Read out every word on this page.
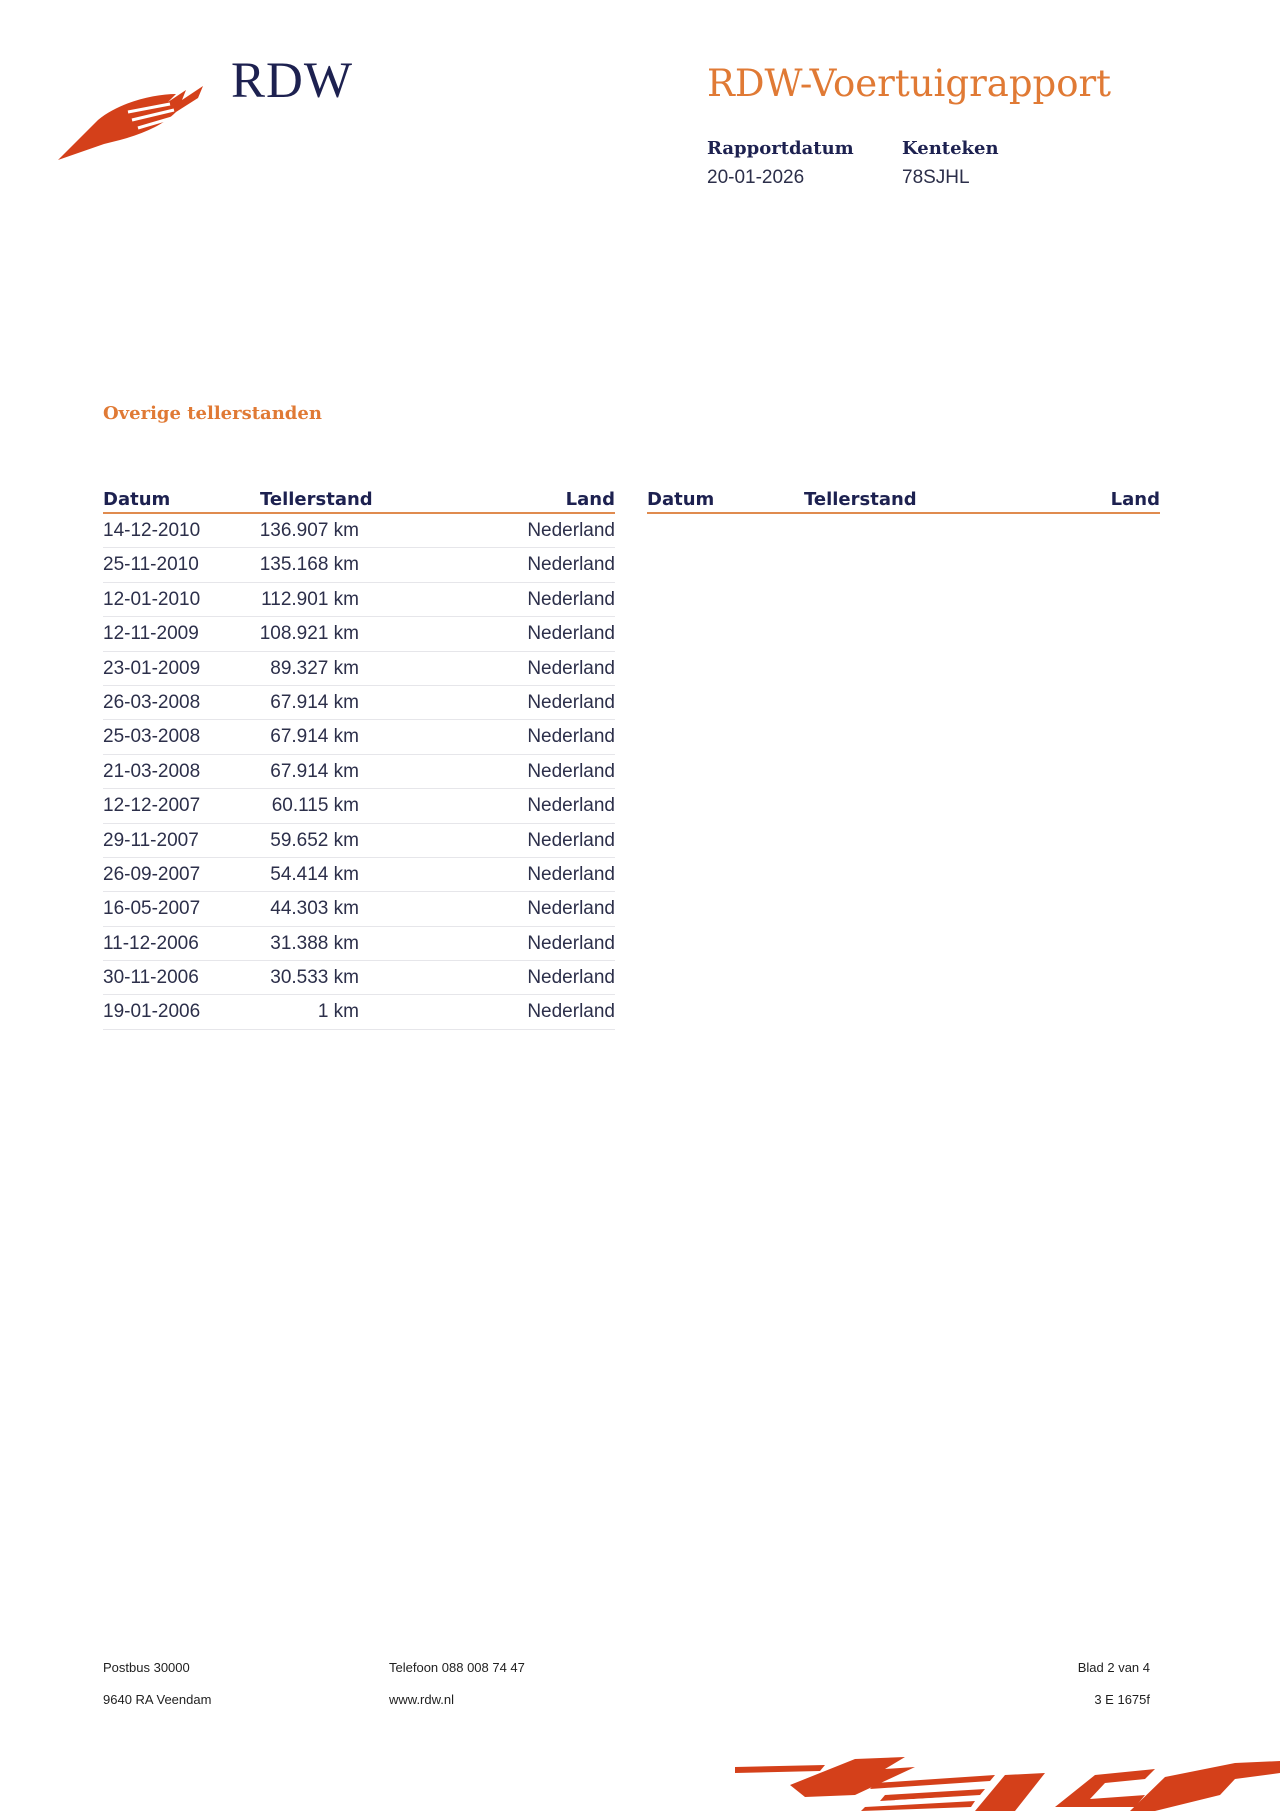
RDW	RDW-Voertuigrapport
Rapportdatum
20-01-2026
Kenteken
78SJHL
Overige tellerstanden
Datum	Tellerstand	Land
14-12-2010	136.907 km	Nederland
25-11-2010	135.168 km	Nederland
12-01-2010	112.901 km	Nederland
12-11-2009	108.921 km	Nederland
23-01-2009	89.327 km	Nederland
26-03-2008	67.914 km	Nederland
25-03-2008	67.914 km	Nederland
21-03-2008	67.914 km	Nederland
12-12-2007	60.115 km	Nederland
29-11-2007	59.652 km	Nederland
26-09-2007	54.414 km	Nederland
16-05-2007	44.303 km	Nederland
11-12-2006	31.388 km	Nederland
30-11-2006	30.533 km	Nederland
19-01-2006	1 km	Nederland
Datum	Tellerstand	Land
Postbus 30000
9640 RA Veendam
Telefoon 088 008 74 47
www.rdw.nl
Blad 2 van 4
3 E 1675f
